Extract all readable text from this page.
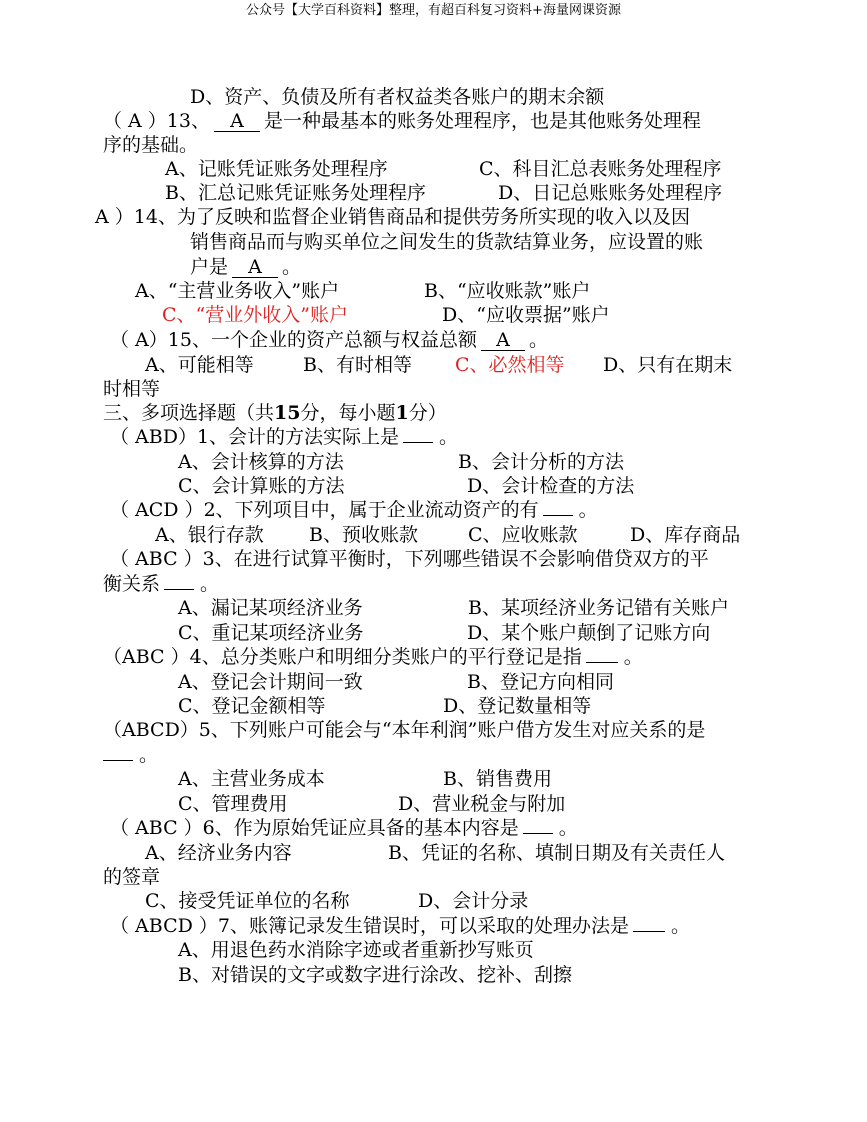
公众号【大学百科资料】整理，有超百科复习资料+海量网课资源
D、资产、负债及所有者权益类各账户的期末余额
（ A ）13、 A 是一种最基本的账务处理程序，也是其他账务处理程
序的基础。
A、记账凭证账务处理程序	C、科目汇总表账务处理程序
B、汇总记账凭证账务处理程序	D、日记总账账务处理程序
A ）14、为了反映和监督企业销售商品和提供劳务所实现的收入以及因
销售商品而与购买单位之间发生的货款结算业务，应设置的账
户是 A 。
A、“主营业务收入”账户	B、“应收账款”账户
C、“营业外收入”账户	D、“应收票据”账户
（ A）15、一个企业的资产总额与权益总额 A 。
A、可能相等	B、有时相等 C、必然相等 D、只有在期末
时相等
三、多项选择题（共15分，每小题1分）
（ ABD）1、会计的方法实际上是 。
A、会计核算的方法	B、会计分析的方法
C、会计算账的方法	D、会计检查的方法
（ ACD ）2、下列项目中，属于企业流动资产的有 。
A、银行存款 B、预收账款	C、应收账款	D、库存商品
（ ABC ）3、在进行试算平衡时，下列哪些错误不会影响借贷双方的平
衡关系 。
A、漏记某项经济业务	B、某项经济业务记错有关账户
C、重记某项经济业务	D、某个账户颠倒了记账方向
（ABC ）4、总分类账户和明细分类账户的平行登记是指 。
A、登记会计期间一致	B、登记方向相同
C、登记金额相等	D、登记数量相等
（ABCD）5、下列账户可能会与“本年利润”账户借方发生对应关系的是
。
A、主营业务成本	B、销售费用
C、管理费用	D、营业税金与附加
（ ABC ）6、作为原始凭证应具备的基本内容是 。
A、经济业务内容	B、凭证的名称、填制日期及有关责任人
的签章
C、接受凭证单位的名称	D、会计分录
（ ABCD ）7、账簿记录发生错误时，可以采取的处理办法是 。
A、用退色药水消除字迹或者重新抄写账页
B、对错误的文字或数字进行涂改、挖补、刮擦
